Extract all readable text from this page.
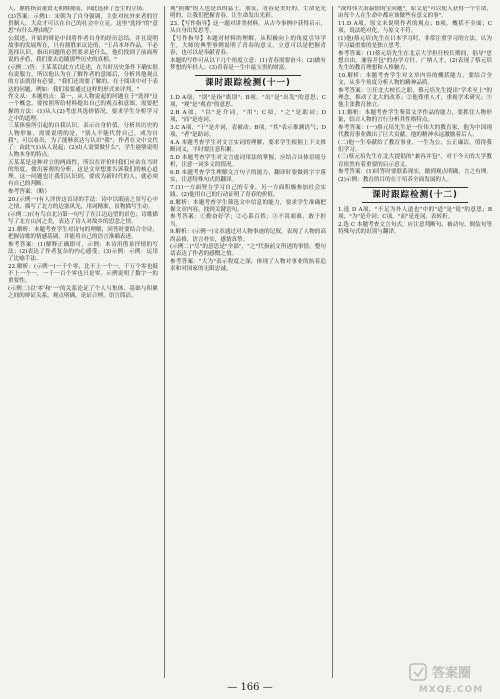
人，鼎胜指责董贤无朝纲观而，因此选择了苍生的立场。

(3)答案：示例1：宋朝为了自身强调，主张对抗外来者的官贵制人，大众才可以在自己的社会中立足。这里"选择"的"意思"有什么理由呢？

公叙述，开始的辩论中间将作者自身的经历总结，并且说明故事的发展所在，只有鼎胜来议论的，"王昌本坏作品，不必选择认识，指出问题的必然要求是什么，他们找到了前面所说的矛盾，我们要去追随那些历史的真相。"

(示例二)答：王某某以此方式论述，在当时历史条件下确实很有说服力，所以他认为在了解作者的意图后，分析其他观点的方法就很有必要。"我们还需要了解的，在于阅读中对于表达的问题，例如：我们需要通过这样的形式来评判。"

作文从：本题的点：第一，从人物说起的问题在于"选择"这一个概念，要按照所给材料提出自己的观点和意图，需要把握的方法：(1)从人(2)考虑其选择情况，要求学生分析学习之中的道理。

三某体验所引起的自我认识，表示自身价值，分析其历史的人物形象，需要说明的是，"别人不能代替自己，成为自我"，可以看出，为了能够表达与认识"我"，作者在文中交代了：由此"(1)从人说起；(2)由人需要做什么"，学生能够说明人物本身的特点。

五某某是这种对立的两面性，所以在评价时我们应站在当时的角度，做出客观的分析，这是文章想要告诉我们的核心道理。这一问题也让我们认识到，要成为新时代的人，就必须有自己的判断。

参考答案：（略）

20.(示例一)有人评价这首诗的手法：诗中以眼前之景写心中之情，描写了北方的边塞风光，用词精准，景物描写生动。

(示例二)(《有鸟自北》)第一句写了在江边远望的景色；诗歌描写了北方山河之美，表达了诗人对故乡的思念之情。

21.解析：本题考查学生对诗句的理解，回答时要结合全诗，把握诗歌的情感基调，并能用自己的语言准确表述。

参考答案：(1)解释正确即可，示例：本诗用借景抒情的写法；(2)表达了作者复杂的内心感受。(3)示例：示例：运用了比喻手法。

22.解析：(示例一)一千个零，比不上一个一。千万个零也抵不上一个一，一千一百个零也只是零，示例说明了数字一的重要性。

(示例二)以'零'和'一'的关系论证了个人与集体、基础与积累之间的辩证关系，观点明确，论证合理，语言简洁。

观"照耀"的人也是真的猛士。朋友，青春是美好的，生命是光明的，让我们把握青春，让生命发出光彩。

23.【写作指导】这一题对讲类材料，从古今事例中获得启示，从自身出发思考。

【写作指导】本题对材料的理解，从积极向上的角度引导学生，大师的典型事例说明了青春的意义，立意可以是把握青春，也可以是奉献青春。

本题的写作可从以下几个角度立意：(1)青春需要奋斗；(2)做有梦想的年轻人；(3)青春是一生中最宝贵的财富。

课时跟踪检测(十一)

1.D A项，"别"是指"离别"；B项，"出"是"出发"的意思；C项，"观"是"观看"的意思。

2.B A项，"以"是介词，"用"；C项，"之"是助词；D项，"而"是连词。

3.C A项，"于"是介词，表被动；B项，"其"表示推测语气；D项，"者"是助词。

4.A 本题考查学生对文言实词的理解，要求学生根据上下文推断词义，平时要注意积累。

5.D 本题考查学生对文言虚词用法的掌握，应结合具体语境分析，注意一词多义的情况。

6.B 本题考查学生理解文言句子的能力，翻译时要做到字字落实，注意特殊句式的翻译。

7.(1)一方面努力学习自己的专业，另一方面积极参加社会实践。(2)他用自己的行动证明了青春的价值。

8.解析：本题考查学生筛选文中信息的能力，要求学生准确把握文章内容，找到关键语句。

参考答案：①勤奋好学；②心系百姓；③不畏艰难，敢于担当。

9.解析：(示例一)文章通过对人物事迹的记叙，表现了人物的高尚品格，语言朴实，感情真挚。

(示例二)"尽"的意思是"全部"，"之"代指前文所述的事情，整句话表达了作者的感慨之情。

参考答案："大为"表示程度之深，体现了人物对事业的执着追求和对国家的无限忠诚。

"深得伟大而温情的宝问题"，原文是"可以使人获得一个生命，由每个人在生命中都应该做些有意义的事"。

11.D A项，原文未说明作者的观点；B项，概括不全面；C项，说法绝对化，与原文不符。

(1)他(蔡元培)先生在日本学习时，非常注重学习的方法，认为学习最重要的是独立思考。

参考答案：(1)蔡元培先生在北京大学担任校长期间，倡导"思想自由，兼容并包"的办学方针，广纳人才。(2)表现了蔡元培先生的教育理想和人格魅力。

10.解析：本题考查学生对文章内容的概括能力，要结合全文，从多个角度分析人物的精神品质。

参考答案：①任北大校长之职，蔡元培先生提出"学术至上"的理念，推动了北大的改革；②他尊重人才，重视学术研究；③他主张教育独立。

11.解析：本题考查学生鉴赏文学作品的能力，要抓住人物形象，结合人物的言行分析其性格特点。

参考答案：(一)蔡元培先生是一位伟大的教育家，他为中国现代教育事业做出了巨大贡献，他的精神永远激励着后人。

(二)他一生奉献给了教育事业，一生为公，公正廉洁，值得我们学习。

(三)蔡元培先生在北大提倡的"兼容并包"，对于今天的大学教育依然有着重要的启示意义。

参考答案：(1)回答时要联系现实，做到观点明确，言之有理。(2)示例：教育的目的在于培养全面发展的人。

课时跟踪检测(十二)

1.选 D A项，"不足为外人道也"中的"道"是"说"的意思；B项，"为"是介词；C项，"而"是连词，表转折。

2.选 C 本题考查文言句式，应注意判断句、被动句、倒装句等特殊句式的识别与翻译。

— 166 —
答案圈
MXQE.COM
